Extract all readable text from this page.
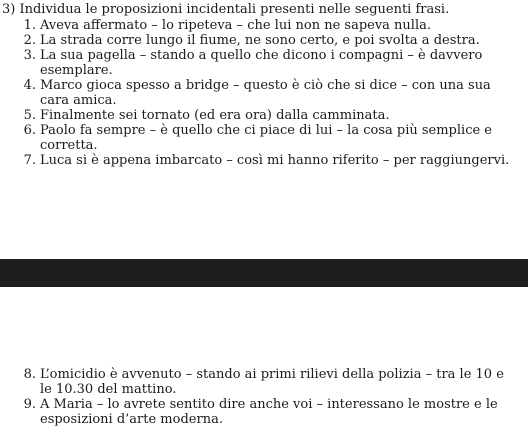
3) Individua le proposizioni incidentali presenti nelle seguenti frasi.
1. Aveva affermato – lo ripeteva – che lui non ne sapeva nulla.
2. La strada corre lungo il fiume, ne sono certo, e poi svolta a destra.
3. La sua pagella – stando a quello che dicono i compagni – è davvero esemplare.
4. Marco gioca spesso a bridge – questo è ciò che si dice – con una sua cara amica.
5. Finalmente sei tornato (ed era ora) dalla camminata.
6. Paolo fa sempre – è quello che ci piace di lui – la cosa più semplice e corretta.
7. Luca si è appena imbarcato – così mi hanno riferito – per raggiungervi.
8. L’omicidio è avvenuto – stando ai primi rilievi della polizia – tra le 10 e le 10.30 del mattino.
9. A Maria – lo avrete sentito dire anche voi – interessano le mostre e le esposizioni d’arte moderna.
